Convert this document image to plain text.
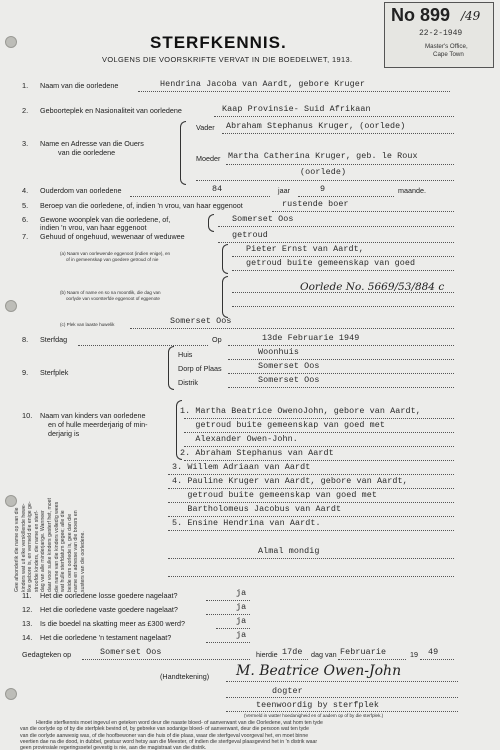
No 899 /49
22-2-1949
Master's Office,
Cape Town
STERFKENNIS.
VOLGENS DIE VOORSKRIFTE VERVAT IN DIE BOEDELWET, 1913.
1. Naam van die oorledene	Hendrina Jacoba van Aardt, gebore Kruger
2. Geboorteplek en Nasionaliteit van oorledene	Kaap Provinsie- Suid Afrikaan
3. Name en Adresse van die Ouers
van die oorledene
Vader Abraham Stephanus Kruger, (oorlede)
Moeder Martha Catherina Kruger, geb. le Roux
(oorlede)
4. Ouderdom van oorledene	84	jaar	9	maande.
5. Beroep van die oorledene, of, indien 'n vrou, van haar eggenoot	rustende boer
6. Gewone woonplek van die oorledene, of,
indien 'n vrou, van haar eggenoot
Somerset Oos
7. Gehuud of ongehuud, wewenaar of weduwee	getroud
(a) Naam van oorlewende eggenoot (indien enige), en
of in gemeenskap van goedere getroud of nie
Pieter Ernst van Aardt,
getroud buite gemeenskap van goed
(b) Naam of name en so na moontlik, die dag van
oorlyde van voorsterfde eggenoot of eggenote
Oorlede No. 5669/53/884 c
(c) Plek van laaste huwelik	Somerset Oos
8. Sterfdag	Op	13de Februarie 1949
9. Sterfplek
Huis	Woonhuis
Dorp of Plaas	Somerset Oos
Distrik	Somerset Oos
10. Naam van kinders van oorledene
en of hulle meerderjarig of min-
derjarig is
Gee afsonderlik die name op van die kinders wat uit elke verskillende hewe- like gebore is, en vermeld die enige ge- stroofde kinders, die name en sterf- dag van alle minderjarige. Wanneer daar voor sulke kinders gesterf het, moet die name van die kinders volledig wees wat hulle sterfdatum gegee; alle die beide oers oorlede is, gee dan die name en adresse van die broers en susters van die oorledene.
1. Martha Beatrice OwenoJohn, gebore van Aardt,
getroud buite gemeenskap van goed met
Alexander Owen-John.
2. Abraham Stephanus van Aardt
3. Willem Adriaan van Aardt
4. Pauline Kruger van Aardt, gebore van Aardt,
getroud buite gemeenskap van goed met
Bartholomeus Jacobus van Aardt
5. Ensine Hendrina van Aardt.
Almal mondig
11. Het die oorledene losse goedere nagelaat?	ja
12. Het die oorledene vaste goedere nagelaat?	ja
13. Is die boedel na skatting meer as £300 werd?	ja
14. Het die oorledene 'n testament nagelaat?	ja
Gedagteken op	Somerset Oos	hierdie 17de dag van Februarie	19 49
(Handtekening) M. Beatrice Owen-John
dogter
teenwoordig by sterfplek
(Vermeld in watter hoedanigheid en of aadem op of by die sterfplek.)
Hierdie sterfkennis moet ingevul en geteken word deur die naaste bloed- of aanverwant van die Oorledene, wat hom ten tyde
van die oorlyde op of by die sterfplek bevind of, by gebreke van sodanige bloed- of aanverwant, deur die persoon wat ten tyde
van die oorlyde aanwesig was, of die hoofbewoner van die huis of die plaas, waar die sterfgeval voorgeval het, en moet binne
veertien dae na die dood, in dubbel, gestuur word hetsy aan die Meester, of indien die sterfgeval plaasgevind het in 'n distrik waar
geen provinsiale regeringssetel gevestig is nie, aan die magistraat van die distrik.
